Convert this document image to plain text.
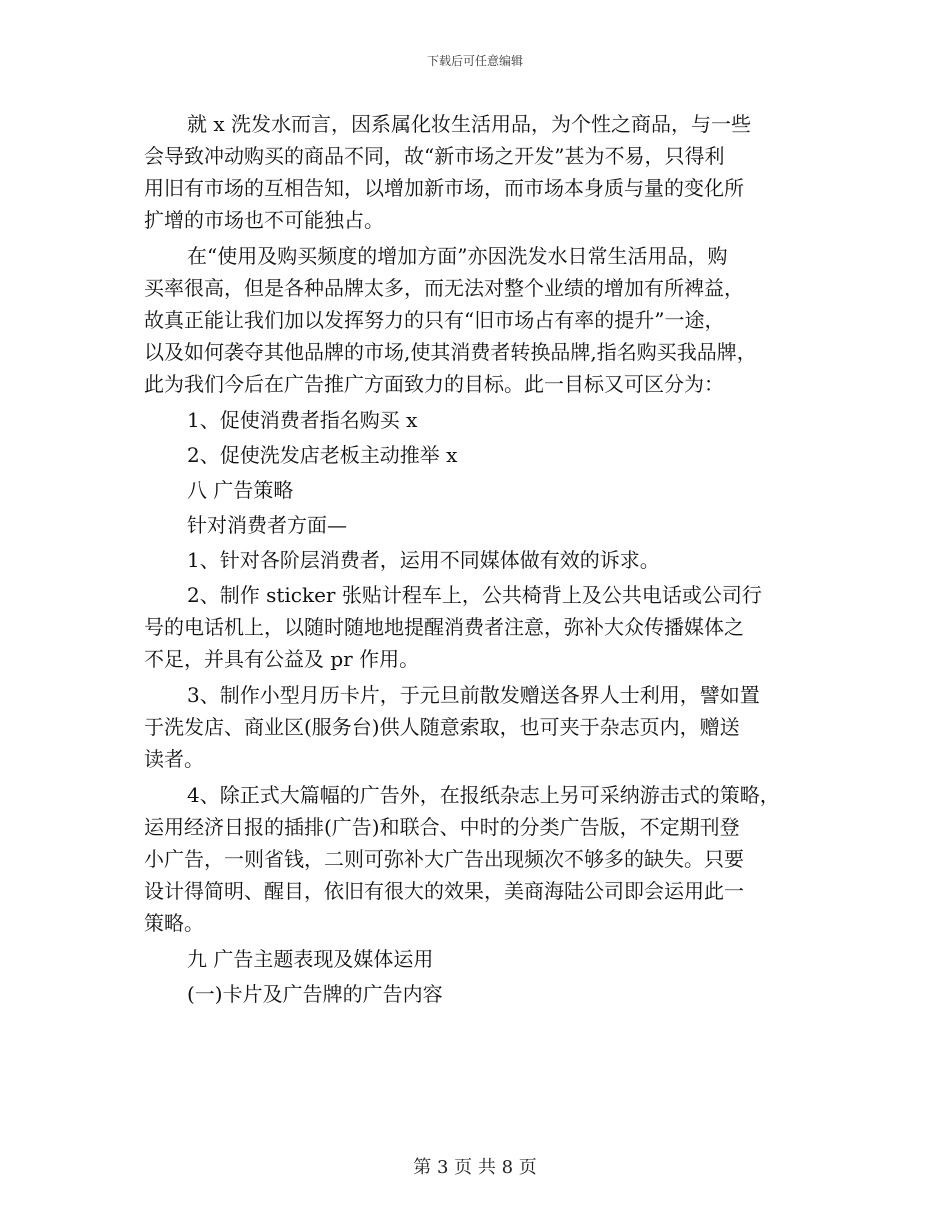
下载后可任意编辑
就 x 洗发水而言，因系属化妆生活用品，为个性之商品，与一些
会导致冲动购买的商品不同，故“新市场之开发”甚为不易，只得利
用旧有市场的互相告知，以增加新市场，而市场本身质与量的变化所
扩增的市场也不可能独占。
在“使用及购买频度的增加方面”亦因洗发水日常生活用品，购
买率很高，但是各种品牌太多，而无法对整个业绩的增加有所裨益，
故真正能让我们加以发挥努力的只有“旧市场占有率的提升”一途，
以及如何袭夺其他品牌的市场,使其消费者转换品牌,指名购买我品牌，
此为我们今后在广告推广方面致力的目标。此一目标又可区分为：
1、促使消费者指名购买 x
2、促使洗发店老板主动推举 x
八 广告策略
针对消费者方面—
1、针对各阶层消费者，运用不同媒体做有效的诉求。
2、制作 sticker 张贴计程车上，公共椅背上及公共电话或公司行
号的电话机上，以随时随地地提醒消费者注意，弥补大众传播媒体之
不足，并具有公益及 pr 作用。
3、制作小型月历卡片，于元旦前散发赠送各界人士利用，譬如置
于洗发店、商业区(服务台)供人随意索取，也可夹于杂志页内，赠送
读者。
4、除正式大篇幅的广告外，在报纸杂志上另可采纳游击式的策略，
运用经济日报的插排(广告)和联合、中时的分类广告版，不定期刊登
小广告，一则省钱，二则可弥补大广告出现频次不够多的缺失。只要
设计得简明、醒目，依旧有很大的效果，美商海陆公司即会运用此一
策略。
九 广告主题表现及媒体运用
(一)卡片及广告牌的广告内容
第 3 页 共 8 页
